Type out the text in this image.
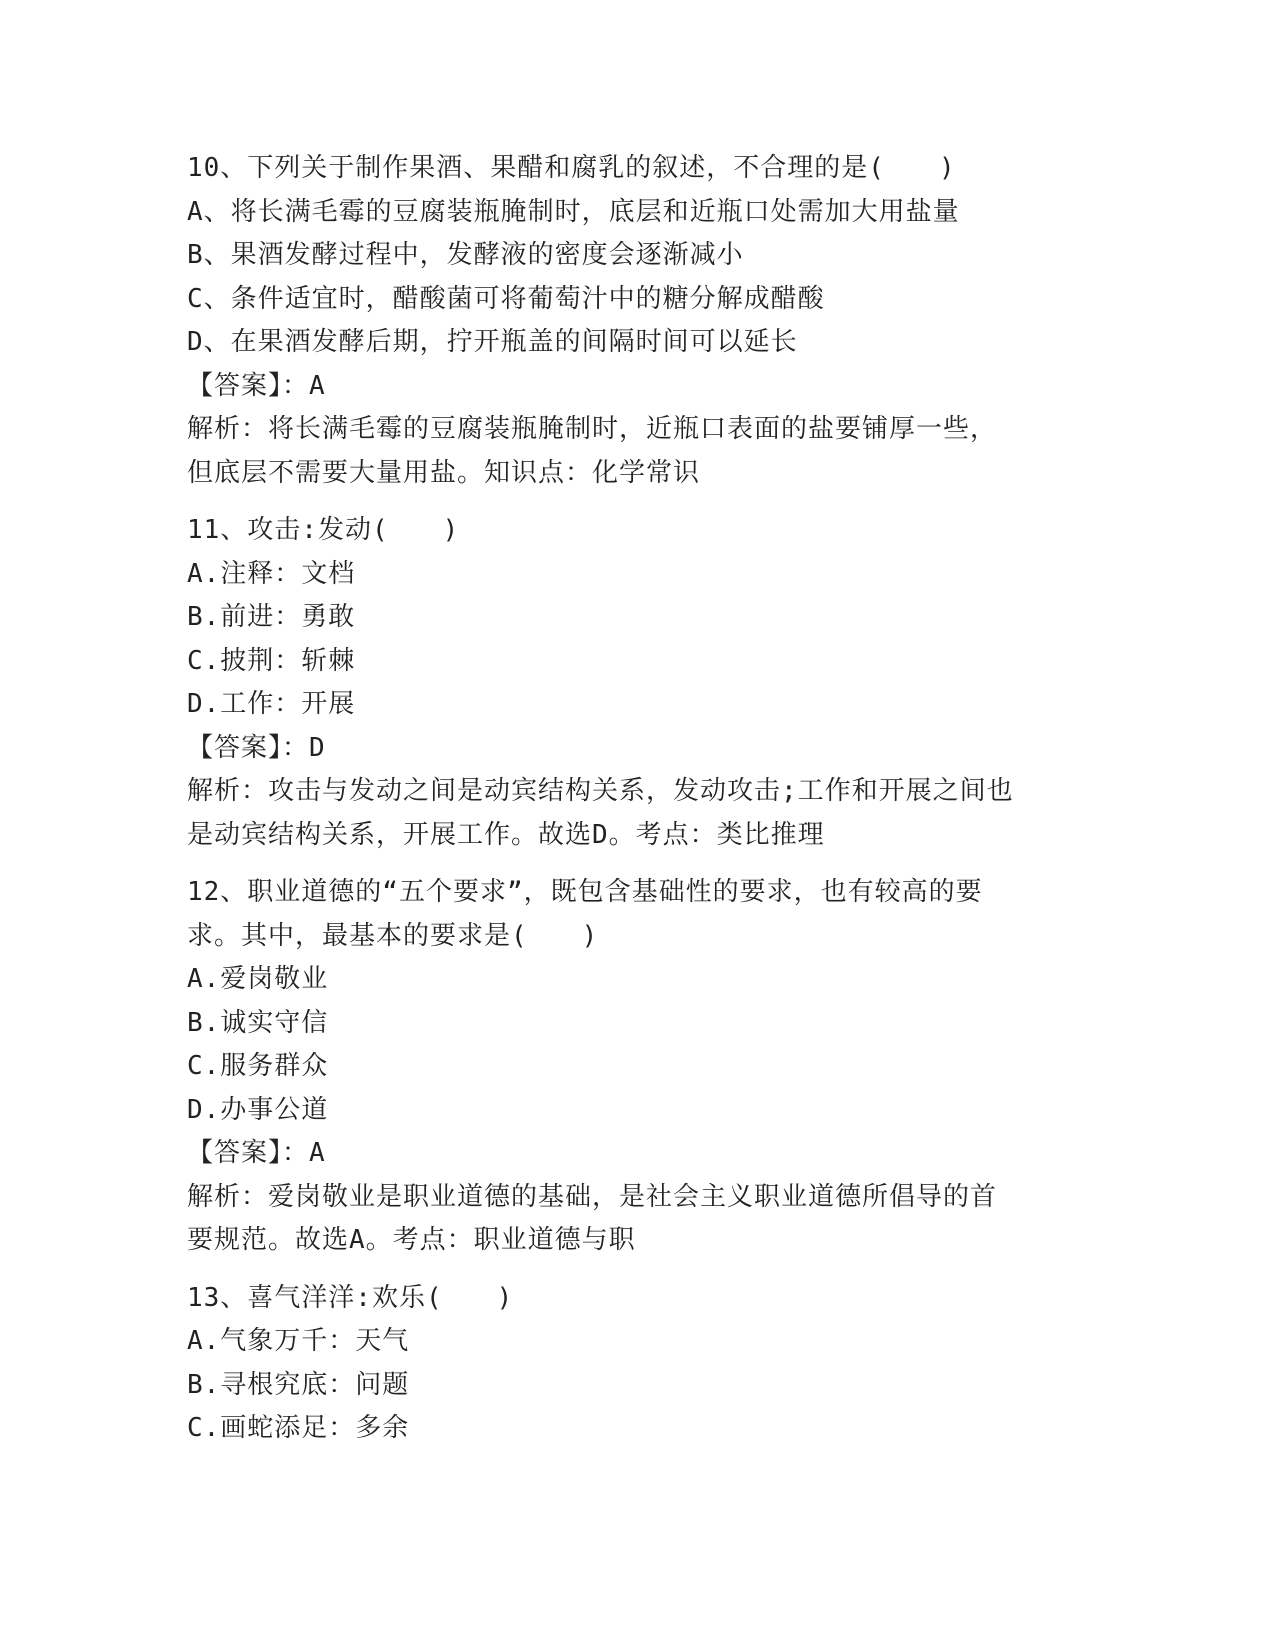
10、下列关于制作果酒、果醋和腐乳的叙述，不合理的是(　　)
A、将长满毛霉的豆腐装瓶腌制时，底层和近瓶口处需加大用盐量
B、果酒发酵过程中，发酵液的密度会逐渐减小
C、条件适宜时，醋酸菌可将葡萄汁中的糖分解成醋酸
D、在果酒发酵后期，拧开瓶盖的间隔时间可以延长
【答案】：A
解析：将长满毛霉的豆腐装瓶腌制时，近瓶口表面的盐要铺厚一些，
但底层不需要大量用盐。知识点：化学常识
11、攻击:发动(　　)
A.注释：文档
B.前进：勇敢
C.披荆：斩棘
D.工作：开展
【答案】：D
解析：攻击与发动之间是动宾结构关系，发动攻击;工作和开展之间也
是动宾结构关系，开展工作。故选D。考点：类比推理
12、职业道德的“五个要求”，既包含基础性的要求，也有较高的要
求。其中，最基本的要求是(　　)
A.爱岗敬业
B.诚实守信
C.服务群众
D.办事公道
【答案】：A
解析：爱岗敬业是职业道德的基础，是社会主义职业道德所倡导的首
要规范。故选A。考点：职业道德与职
13、喜气洋洋:欢乐(　　)
A.气象万千：天气
B.寻根究底：问题
C.画蛇添足：多余
